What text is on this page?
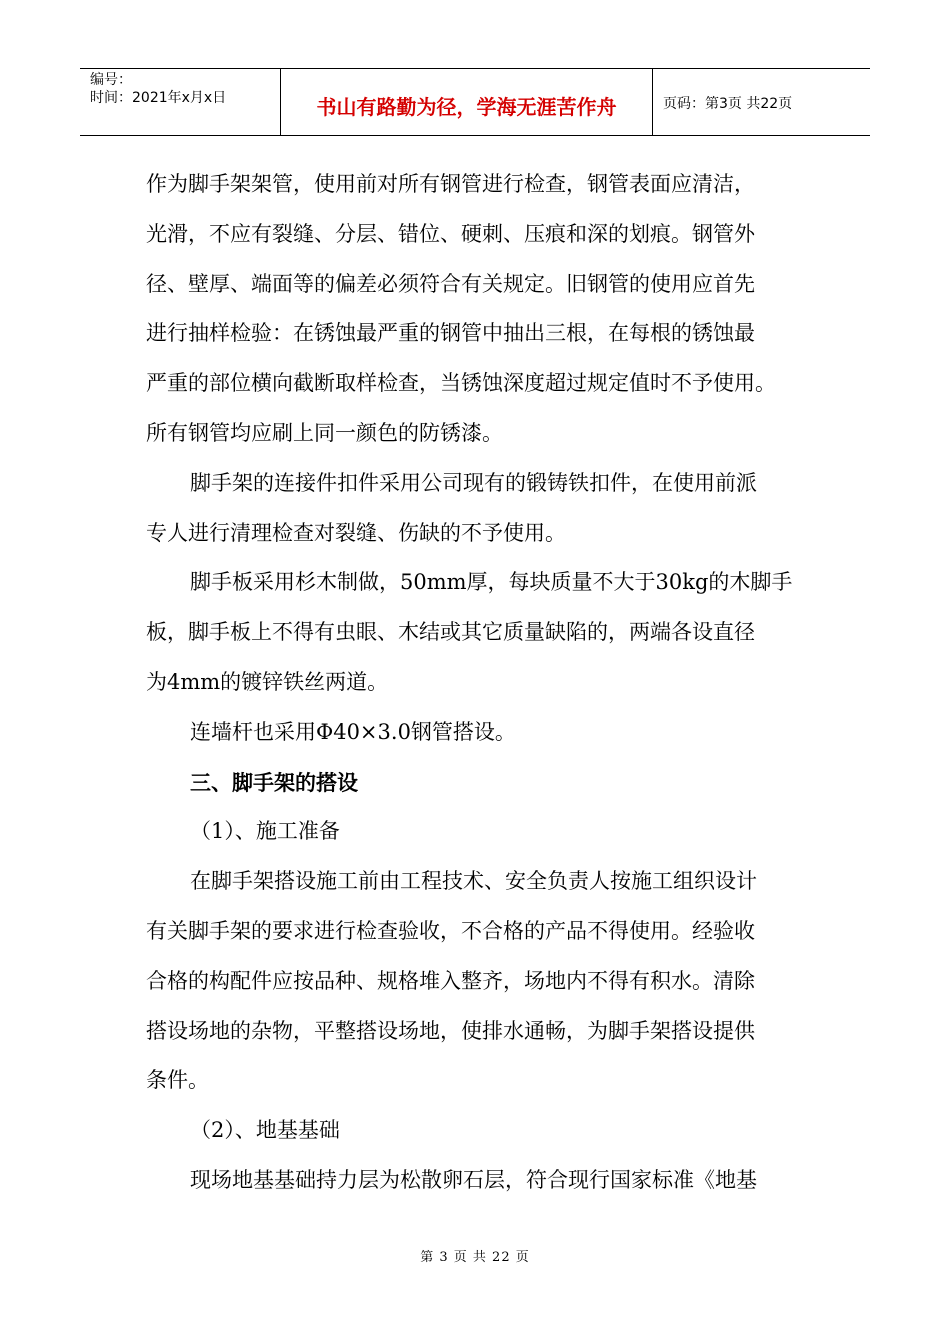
编号：
时间：2021年x月x日	书山有路勤为径，学海无涯苦作舟	页码：第3页 共22页
作为脚手架架管，使用前对所有钢管进行检查，钢管表面应清洁，
光滑，不应有裂缝、分层、错位、硬刺、压痕和深的划痕。钢管外
径、壁厚、端面等的偏差必须符合有关规定。旧钢管的使用应首先
进行抽样检验：在锈蚀最严重的钢管中抽出三根，在每根的锈蚀最
严重的部位横向截断取样检查，当锈蚀深度超过规定值时不予使用。
所有钢管均应刷上同一颜色的防锈漆。
脚手架的连接件扣件采用公司现有的锻铸铁扣件，在使用前派
专人进行清理检查对裂缝、伤缺的不予使用。
脚手板采用杉木制做，50mm厚，每块质量不大于30kg的木脚手
板，脚手板上不得有虫眼、木结或其它质量缺陷的，两端各设直径
为4mm的镀锌铁丝两道。
连墙杆也采用Φ40×3.0钢管搭设。
三、脚手架的搭设
（1）、施工准备
在脚手架搭设施工前由工程技术、安全负责人按施工组织设计
有关脚手架的要求进行检查验收，不合格的产品不得使用。经验收
合格的构配件应按品种、规格堆入整齐，场地内不得有积水。清除
搭设场地的杂物，平整搭设场地，使排水通畅，为脚手架搭设提供
条件。
（2）、地基基础
现场地基基础持力层为松散卵石层，符合现行国家标准《地基
第 3 页 共 22 页
